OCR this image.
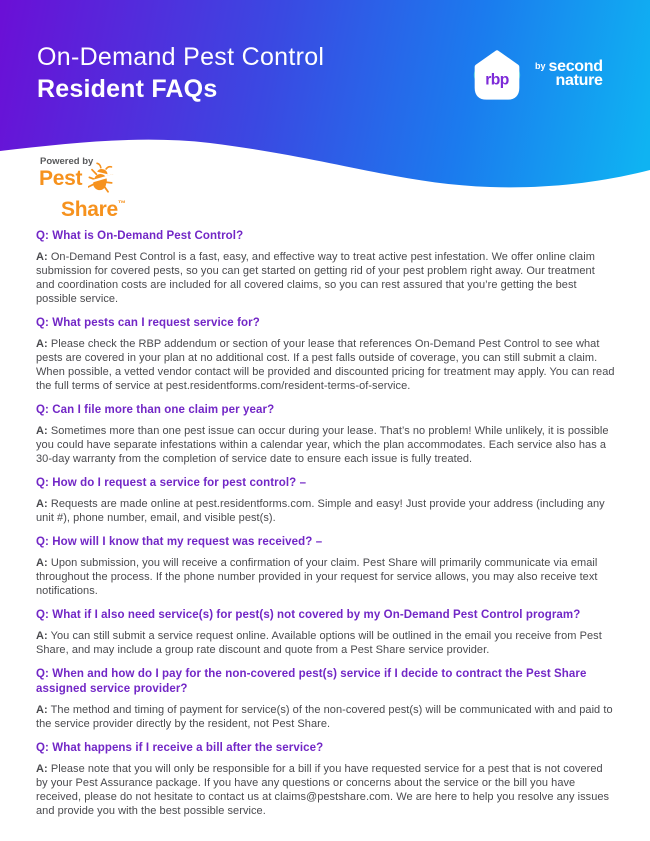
On-Demand Pest Control
Resident FAQs	rbp
by second
nature
Powered by
Pest
Share™
Q: What is On-Demand Pest Control?

A: On-Demand Pest Control is a fast, easy, and effective way to treat active pest infestation. We offer online claim submission for covered pests, so you can get started on getting rid of your pest problem right away. Our treatment and coordination costs are included for all covered claims, so you can rest assured that you’re getting the best possible service.

Q: What pests can I request service for?

A: Please check the RBP addendum or section of your lease that references On-Demand Pest Control to see what pests are covered in your plan at no additional cost. If a pest falls outside of coverage, you can still submit a claim. When possible, a vetted vendor contact will be provided and discounted pricing for treatment may apply. You can read the full terms of service at pest.residentforms.com/resident-terms-of-service.

Q: Can I file more than one claim per year?

A: Sometimes more than one pest issue can occur during your lease. That’s no problem! While unlikely, it is possible you could have separate infestations within a calendar year, which the plan accommodates. Each service also has a 30-day warranty from the completion of service date to ensure each issue is fully treated.

Q: How do I request a service for pest control? –

A: Requests are made online at pest.residentforms.com. Simple and easy! Just provide your address (including any unit #), phone number, email, and visible pest(s).

Q: How will I know that my request was received? –

A: Upon submission, you will receive a confirmation of your claim. Pest Share will primarily communicate via email throughout the process. If the phone number provided in your request for service allows, you may also receive text notifications.

Q: What if I also need service(s) for pest(s) not covered by my On-Demand Pest Control program?

A: You can still submit a service request online. Available options will be outlined in the email you receive from Pest Share, and may include a group rate discount and quote from a Pest Share service provider.

Q: When and how do I pay for the non-covered pest(s) service if I decide to contract the Pest Share assigned service provider?

A: The method and timing of payment for service(s) of the non-covered pest(s) will be communicated with and paid to the service provider directly by the resident, not Pest Share.

Q: What happens if I receive a bill after the service?

A: Please note that you will only be responsible for a bill if you have requested service for a pest that is not covered by your Pest Assurance package. If you have any questions or concerns about the service or the bill you have received, please do not hesitate to contact us at claims@pestshare.com. We are here to help you resolve any issues and provide you with the best possible service.
